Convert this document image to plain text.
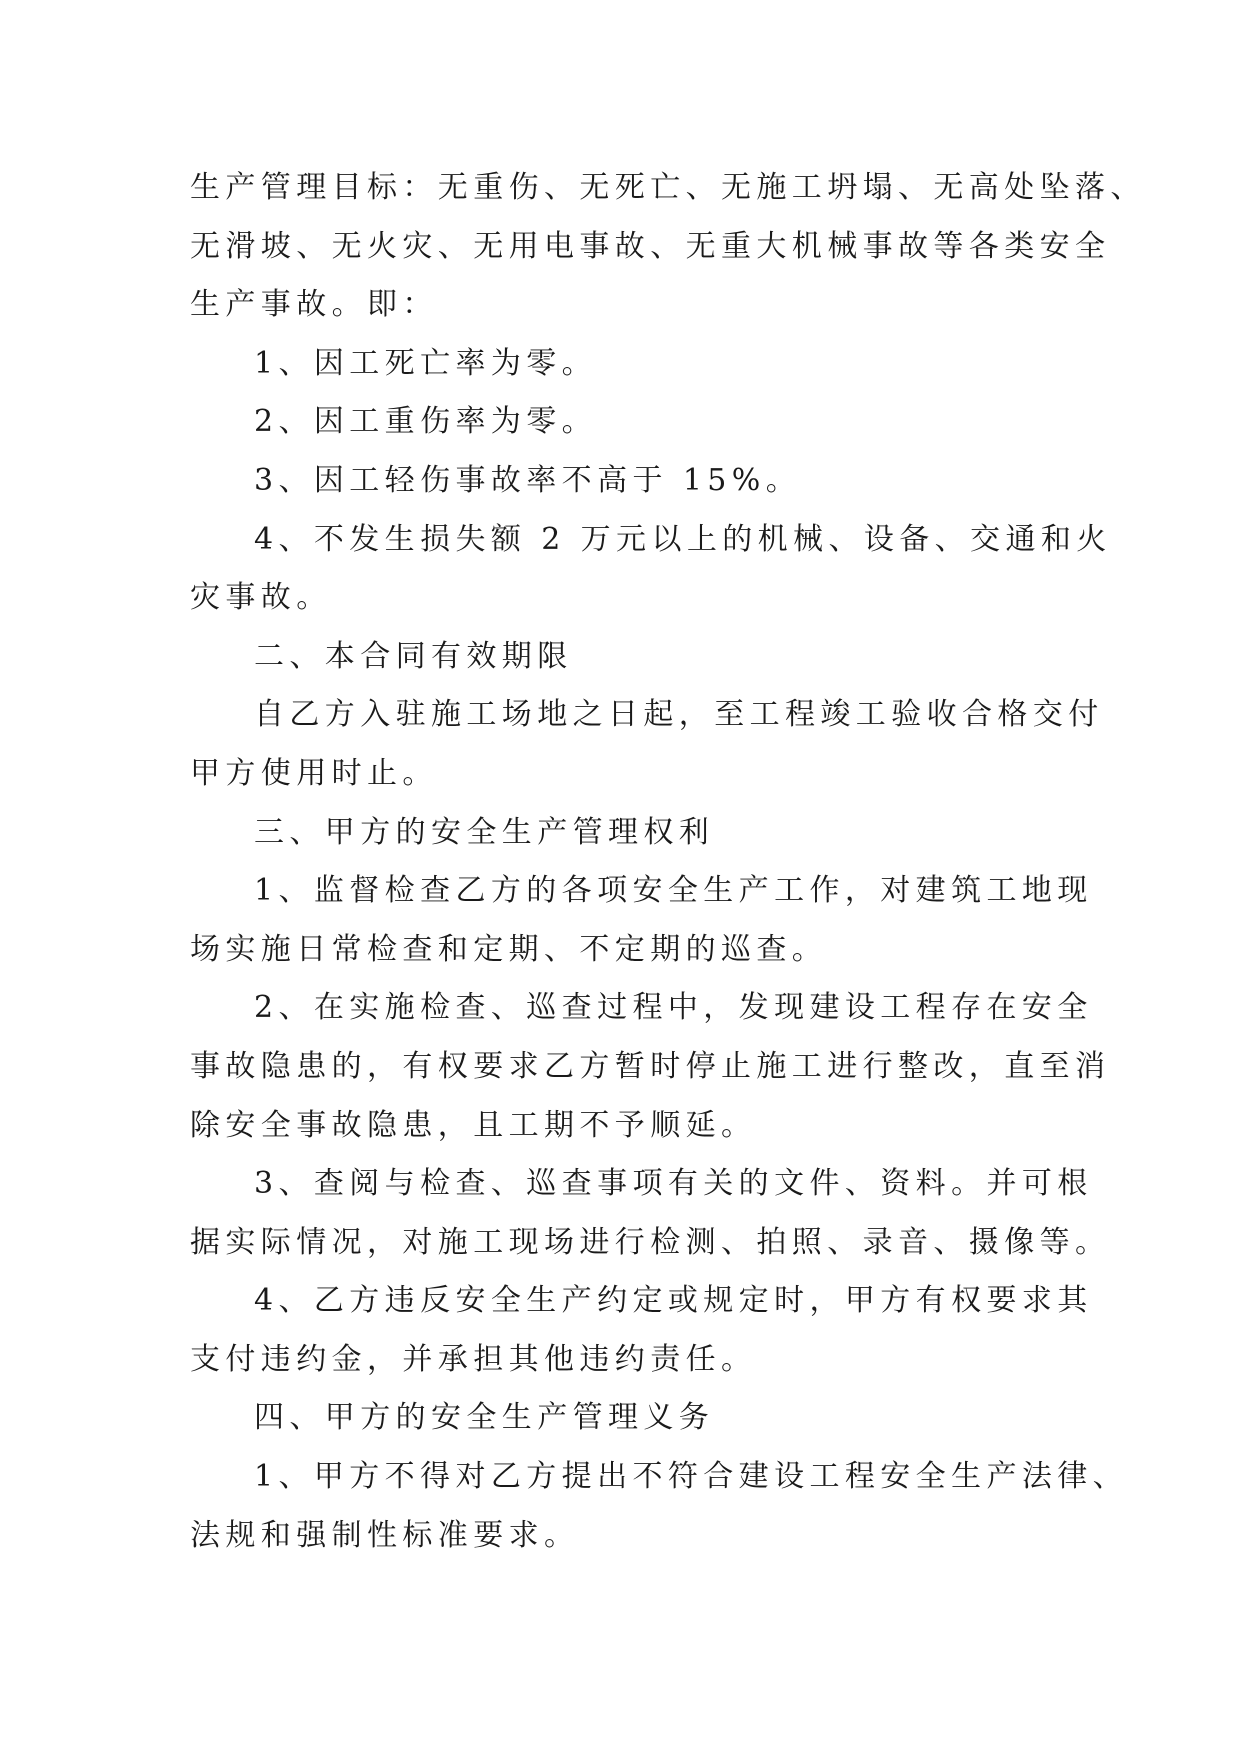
生产管理目标：无重伤、无死亡、无施工坍塌、无高处坠落、
无滑坡、无火灾、无用电事故、无重大机械事故等各类安全
生产事故。即：
1、因工死亡率为零。
2、因工重伤率为零。
3、因工轻伤事故率不高于 15%。
4、不发生损失额 2 万元以上的机械、设备、交通和火
灾事故。
二、本合同有效期限
自乙方入驻施工场地之日起，至工程竣工验收合格交付
甲方使用时止。
三、甲方的安全生产管理权利
1、监督检查乙方的各项安全生产工作，对建筑工地现
场实施日常检查和定期、不定期的巡查。
2、在实施检查、巡查过程中，发现建设工程存在安全
事故隐患的，有权要求乙方暂时停止施工进行整改，直至消
除安全事故隐患，且工期不予顺延。
3、查阅与检查、巡查事项有关的文件、资料。并可根
据实际情况，对施工现场进行检测、拍照、录音、摄像等。
4、乙方违反安全生产约定或规定时，甲方有权要求其
支付违约金，并承担其他违约责任。
四、甲方的安全生产管理义务
1、甲方不得对乙方提出不符合建设工程安全生产法律、
法规和强制性标准要求。
